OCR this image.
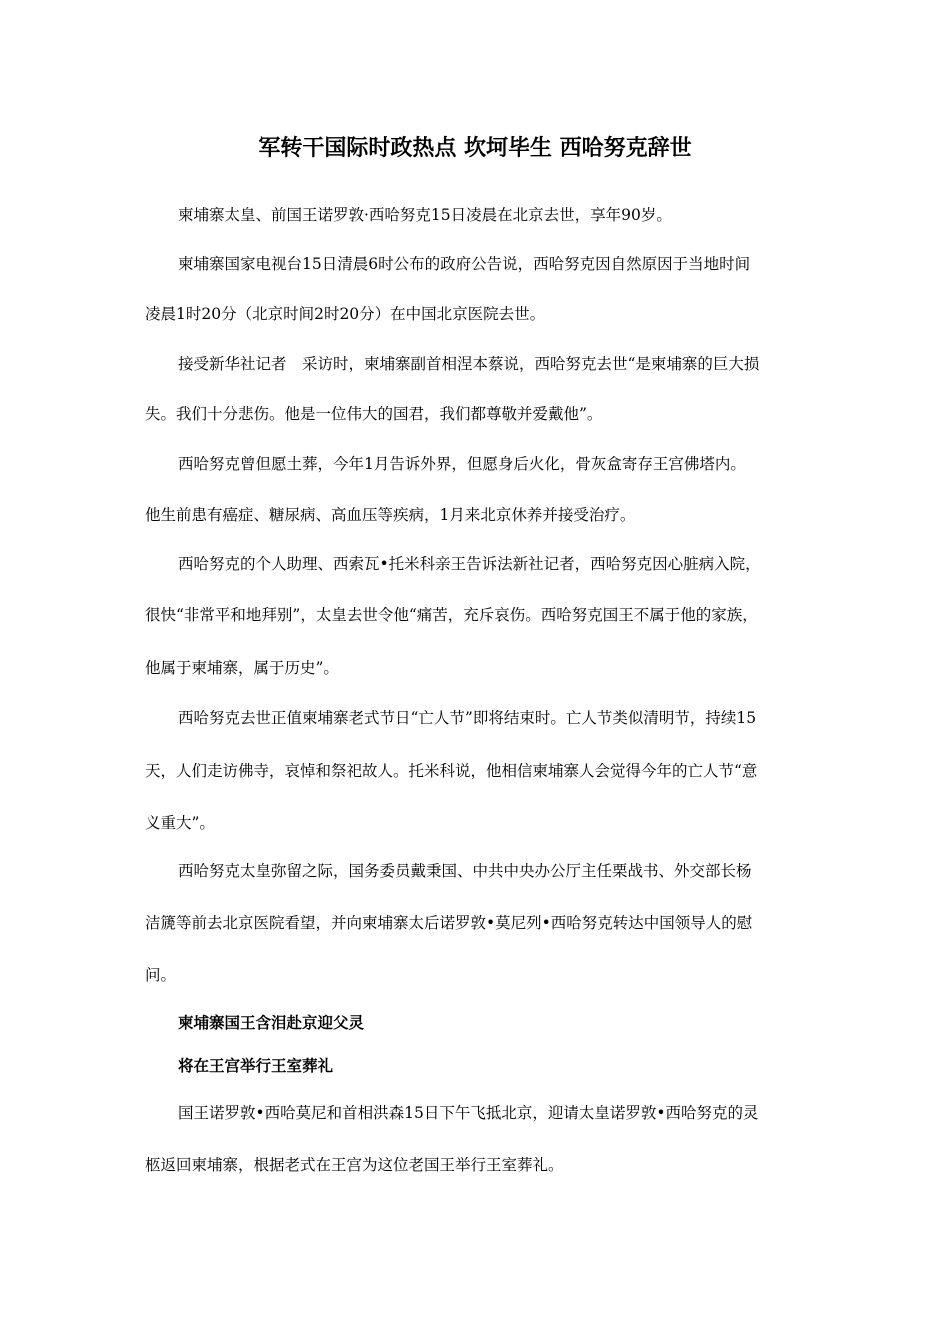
军转干国际时政热点 坎坷毕生 西哈努克辞世

柬埔寨太皇、前国王诺罗敦·西哈努克15日凌晨在北京去世，享年90岁。

柬埔寨国家电视台15日清晨6时公布的政府公告说，西哈努克因自然原因于当地时间

凌晨1时20分（北京时间2时20分）在中国北京医院去世。

接受新华社记者　采访时，柬埔寨副首相涅本蔡说，西哈努克去世“是柬埔寨的巨大损

失。我们十分悲伤。他是一位伟大的国君，我们都尊敬并爱戴他”。

西哈努克曾但愿土葬，今年1月告诉外界，但愿身后火化，骨灰盒寄存王宫佛塔内。

他生前患有癌症、糖尿病、高血压等疾病，1月来北京休养并接受治疗。

西哈努克的个人助理、西索瓦•托米科亲王告诉法新社记者，西哈努克因心脏病入院，

很快“非常平和地拜别”，太皇去世令他“痛苦，充斥哀伤。西哈努克国王不属于他的家族，

他属于柬埔寨，属于历史”。

西哈努克去世正值柬埔寨老式节日“亡人节”即将结束时。亡人节类似清明节，持续15

天，人们走访佛寺，哀悼和祭祀故人。托米科说，他相信柬埔寨人会觉得今年的亡人节“意

义重大”。

西哈努克太皇弥留之际，国务委员戴秉国、中共中央办公厅主任栗战书、外交部长杨

洁篪等前去北京医院看望，并向柬埔寨太后诺罗敦•莫尼列•西哈努克转达中国领导人的慰

问。

柬埔寨国王含泪赴京迎父灵

将在王宫举行王室葬礼

国王诺罗敦•西哈莫尼和首相洪森15日下午飞抵北京，迎请太皇诺罗敦•西哈努克的灵

柩返回柬埔寨，根据老式在王宫为这位老国王举行王室葬礼。
